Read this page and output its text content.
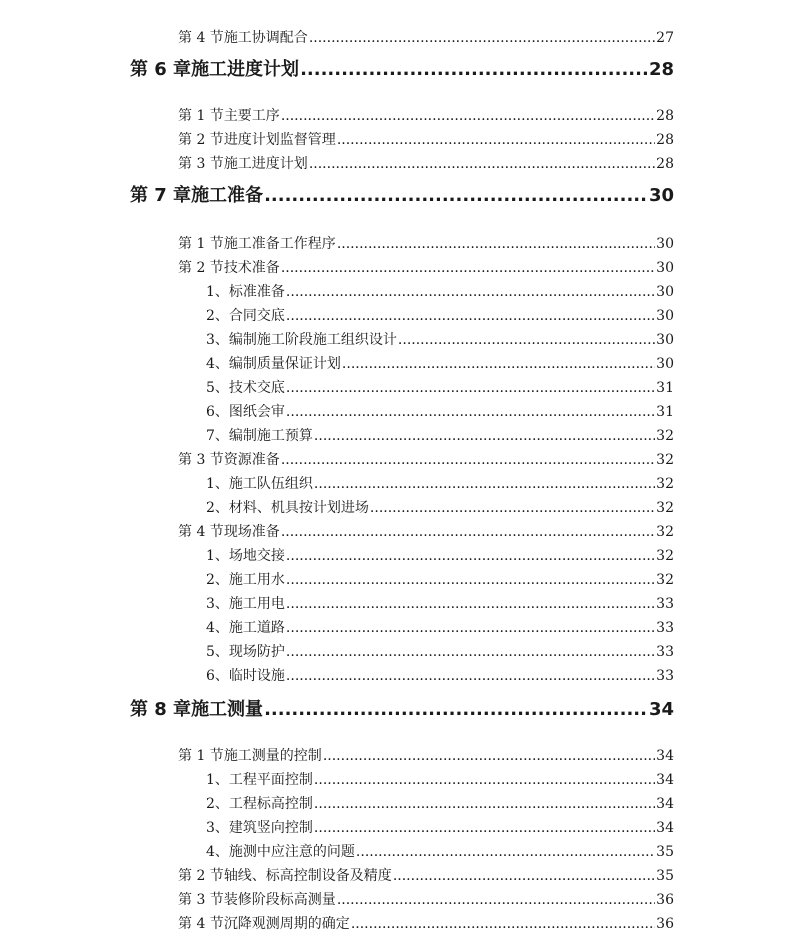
第 4 节 施工协调配合 .....	27
第 6 章 施工进度计划 .....	28
第 1 节 主要工序 .....	28
第 2 节 进度计划监督管理 .....	28
第 3 节 施工进度计划 .....	28
第 7 章 施工准备 .....	30
第 1 节 施工准备工作程序 .....	30
第 2 节 技术准备 .....	30
1、 标准准备 .....	30
2、 合同交底 .....	30
3、 编制施工阶段施工组织设计 .....	30
4、 编制质量保证计划 .....	30
5、 技术交底 .....	31
6、 图纸会审 .....	31
7、 编制施工预算 .....	32
第 3 节 资源准备 .....	32
1、 施工队伍组织 .....	32
2、 材料、机具按计划进场 .....	32
第 4 节 现场准备 .....	32
1、 场地交接 .....	32
2、 施工用水 .....	32
3、 施工用电 .....	33
4、 施工道路 .....	33
5、 现场防护 .....	33
6、 临时设施 .....	33
第 8 章 施工测量 .....	34
第 1 节 施工测量的控制 .....	34
1、 工程平面控制 .....	34
2、 工程标高控制 .....	34
3、 建筑竖向控制 .....	34
4、 施测中应注意的问题 .....	35
第 2 节 轴线、标高控制设备及精度 .....	35
第 3 节 装修阶段标高测量 .....	36
第 4 节 沉降观测周期的确定 .....	36
